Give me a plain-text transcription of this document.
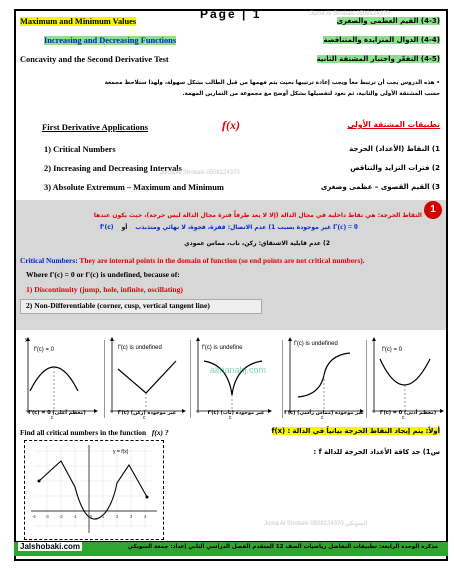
Page | 1	Juma Al Shobaki 0508124370
Maximum and Minimum Values
Increasing and Decreasing Functions
Concavity and the Second Derivative Test
(4-3) القيم العظمى والصغرى
(4-4) الدوال المتزايدة والمتناقصة
(4-5) التقعّر واختبار المشتقة الثانية
• هذه الدروس يجب أن ترتبط معاً ويجب إعادة ترتيبها بحيث يتم فهمها من قبل الطالب بشكل سهولة، ولهذا ستلاحظ مجمعة
حسب المشتقة الأولى والثانية، ثم نعود لتفصيلها بشكل أوضح مع مجموعة من التمارين المهمة.
First Derivative Applications	f(x)	تطبيقات المشتقة الأولى
1) Critical Numbers
2) Increasing and Decreasing Intervals
3) Absolute Extremum – Maximum and Minimum
1) النقاط (الأعداد) الحرجة
2) فترات التزايد والتناقص
3) القيم القصوى – عظمى وصغرى
Juma Al Shobaki 0508124370
1
النقاط الحرجة: هي نقاط داخلية في مجال الدالة (إلا لا يعد طرفاً فترة مجال الدالة ليس حرجة)، حيث يكون عندها
f'(c) غير موجودة بسبب 1) عدم الاتصال: قفزة، فجوة، لا نهائي ومتذبذب أو	f'(c) = 0
2) عدم قابلية الاشتقاق: ركن، ناب، مماس عمودي
Critical Numbers: They are internal points in the domain of function (so end points are not critical numbers).
Where f'(c) = 0 or f'(c) is undefined, because of:
1) Discontinuity (jump, hole, infinite, oscillating)
2) Non-Differentiable (corner, cusp, vertical tangent line)
f'(c) = 0
y
c
f'(c) is undefined
c
f'(c) is undefine
c
almanahj.com
f'(c) is undefined
c
f'(c) = 0
c
(معظم أعلى) f'(c) = 0	غير موجودة (ركن) f'(c)	غير موجودة (ناب) f'(c)	غير موجودة (مماس رأسي) f'(c)	(معظم أدنى) f'(c) = 0
Find all critical numbers in the function f(x) ?	أولاً: يتم إيجاد النقاط الحرجة بيانياً في الدالة : f(x)
س1) جد كافة الأعداد الحرجة للدالة f :
y = f(x)
-4 -3 -2 -1	0 1	2	3	4
Juma Al Shobaki 0508124370 الشوبكي
Jalshobaki.com	مذكرة الوحدة الرابعة: تطبيقات التفاضل رياضيات الصف 12 المتقدم الفصل الدراسي الثاني إعداد: جمعة الشوبكي
